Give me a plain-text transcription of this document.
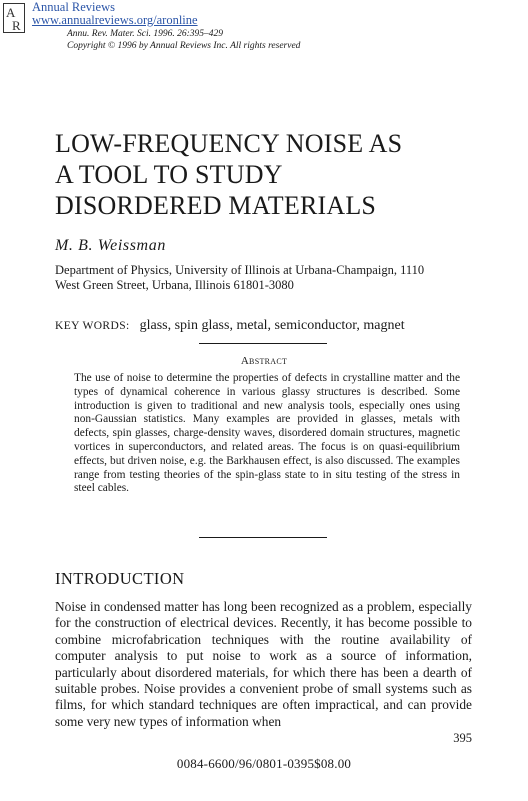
A
R
Annual Reviews
www.annualreviews.org/aronline
Annu. Rev. Mater. Sci. 1996. 26:395–429
Copyright © 1996 by Annual Reviews Inc. All rights reserved
LOW-FREQUENCY NOISE AS
A TOOL TO STUDY
DISORDERED MATERIALS
M. B. Weissman
Department of Physics, University of Illinois at Urbana-Champaign, 1110
West Green Street, Urbana, Illinois 61801-3080
KEY WORDS: glass, spin glass, metal, semiconductor, magnet
Abstract

The use of noise to determine the properties of defects in crystalline matter and the types of dynamical coherence in various glassy structures is described. Some introduction is given to traditional and new analysis tools, especially ones using non-Gaussian statistics. Many examples are provided in glasses, metals with defects, spin glasses, charge-density waves, disordered domain structures, magnetic vortices in superconductors, and related areas. The focus is on quasi-equilibrium effects, but driven noise, e.g. the Barkhausen effect, is also discussed. The examples range from testing theories of the spin-glass state to in situ testing of the stress in steel cables.

INTRODUCTION

Noise in condensed matter has long been recognized as a problem, especially for the construction of electrical devices. Recently, it has become possible to combine microfabrication techniques with the routine availability of computer analysis to put noise to work as a source of information, particularly about disordered materials, for which there has been a dearth of suitable probes. Noise provides a convenient probe of small systems such as films, for which standard techniques are often impractical, and can provide some very new types of information when

395
0084-6600/96/0801-0395$08.00
